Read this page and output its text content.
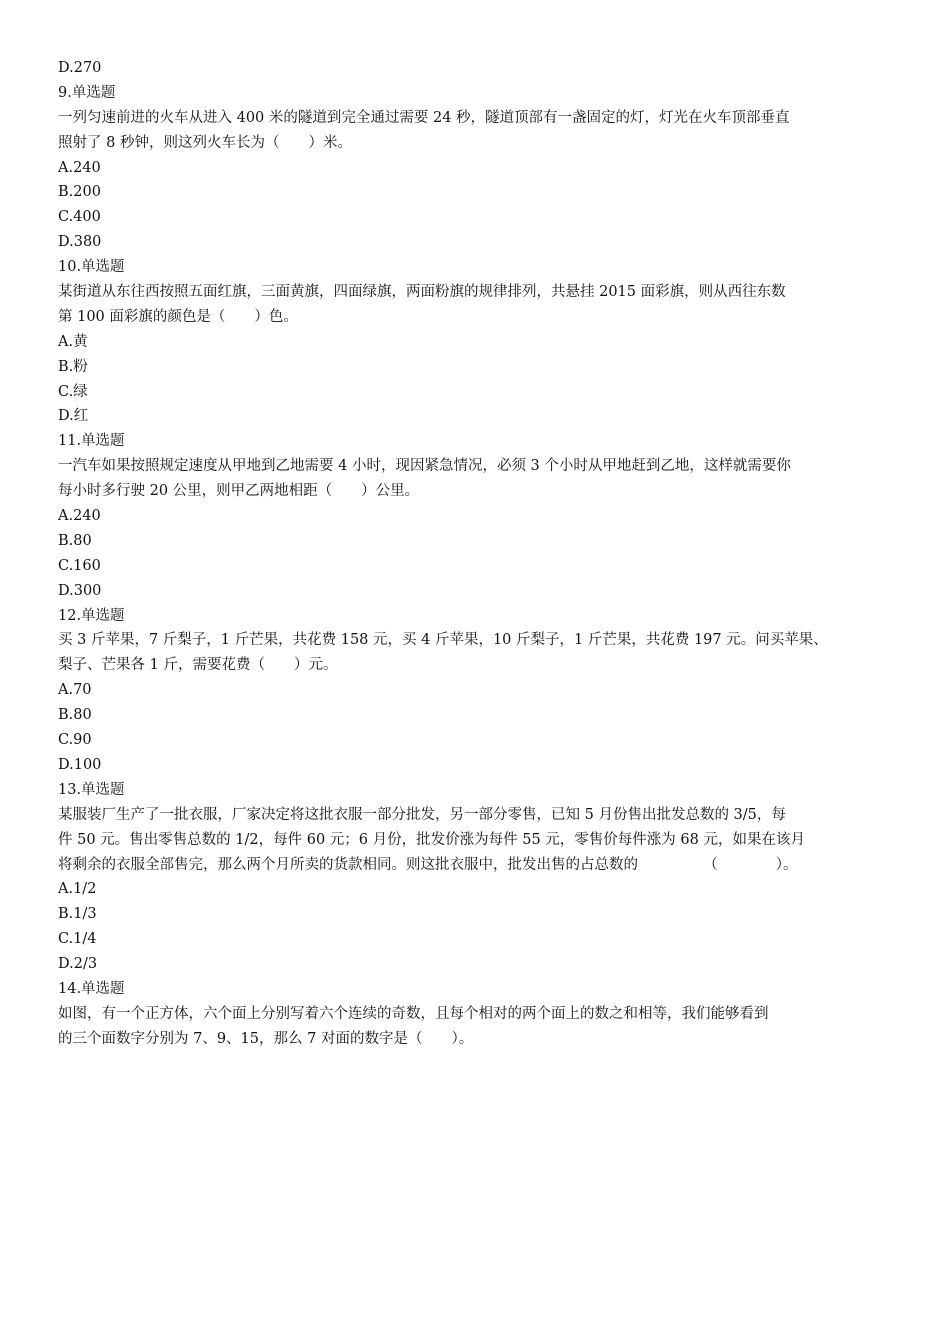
D.270
9.单选题
一列匀速前进的火车从进入 400 米的隧道到完全通过需要 24 秒，隧道顶部有一盏固定的灯，灯光在火车顶部垂直
照射了 8 秒钟，则这列火车长为（　　）米。
A.240
B.200
C.400
D.380
10.单选题
某街道从东往西按照五面红旗，三面黄旗，四面绿旗，两面粉旗的规律排列，共悬挂 2015 面彩旗，则从西往东数
第 100 面彩旗的颜色是（　　）色。
A.黄
B.粉
C.绿
D.红
11.单选题
一汽车如果按照规定速度从甲地到乙地需要 4 小时，现因紧急情况，必须 3 个小时从甲地赶到乙地，这样就需要你
每小时多行驶 20 公里，则甲乙两地相距（　　）公里。
A.240
B.80
C.160
D.300
12.单选题
买 3 斤苹果，7 斤梨子，1 斤芒果，共花费 158 元，买 4 斤苹果，10 斤梨子，1 斤芒果，共花费 197 元。问买苹果、
梨子、芒果各 1 斤，需要花费（　　）元。
A.70
B.80
C.90
D.100
13.单选题
某服装厂生产了一批衣服，厂家决定将这批衣服一部分批发，另一部分零售，已知 5 月份售出批发总数的 3/5，每
件 50 元。售出零售总数的 1/2，每件 60 元；6 月份，批发价涨为每件 55 元，零售价每件涨为 68 元，如果在该月
将剩余的衣服全部售完，那么两个月所卖的货款相同。则这批衣服中，批发出售的占总数的　　　　　（　　　　）。
A.1/2
B.1/3
C.1/4
D.2/3
14.单选题
如图，有一个正方体，六个面上分别写着六个连续的奇数，且每个相对的两个面上的数之和相等，我们能够看到
的三个面数字分别为 7、9、15，那么 7 对面的数字是（　　）。
